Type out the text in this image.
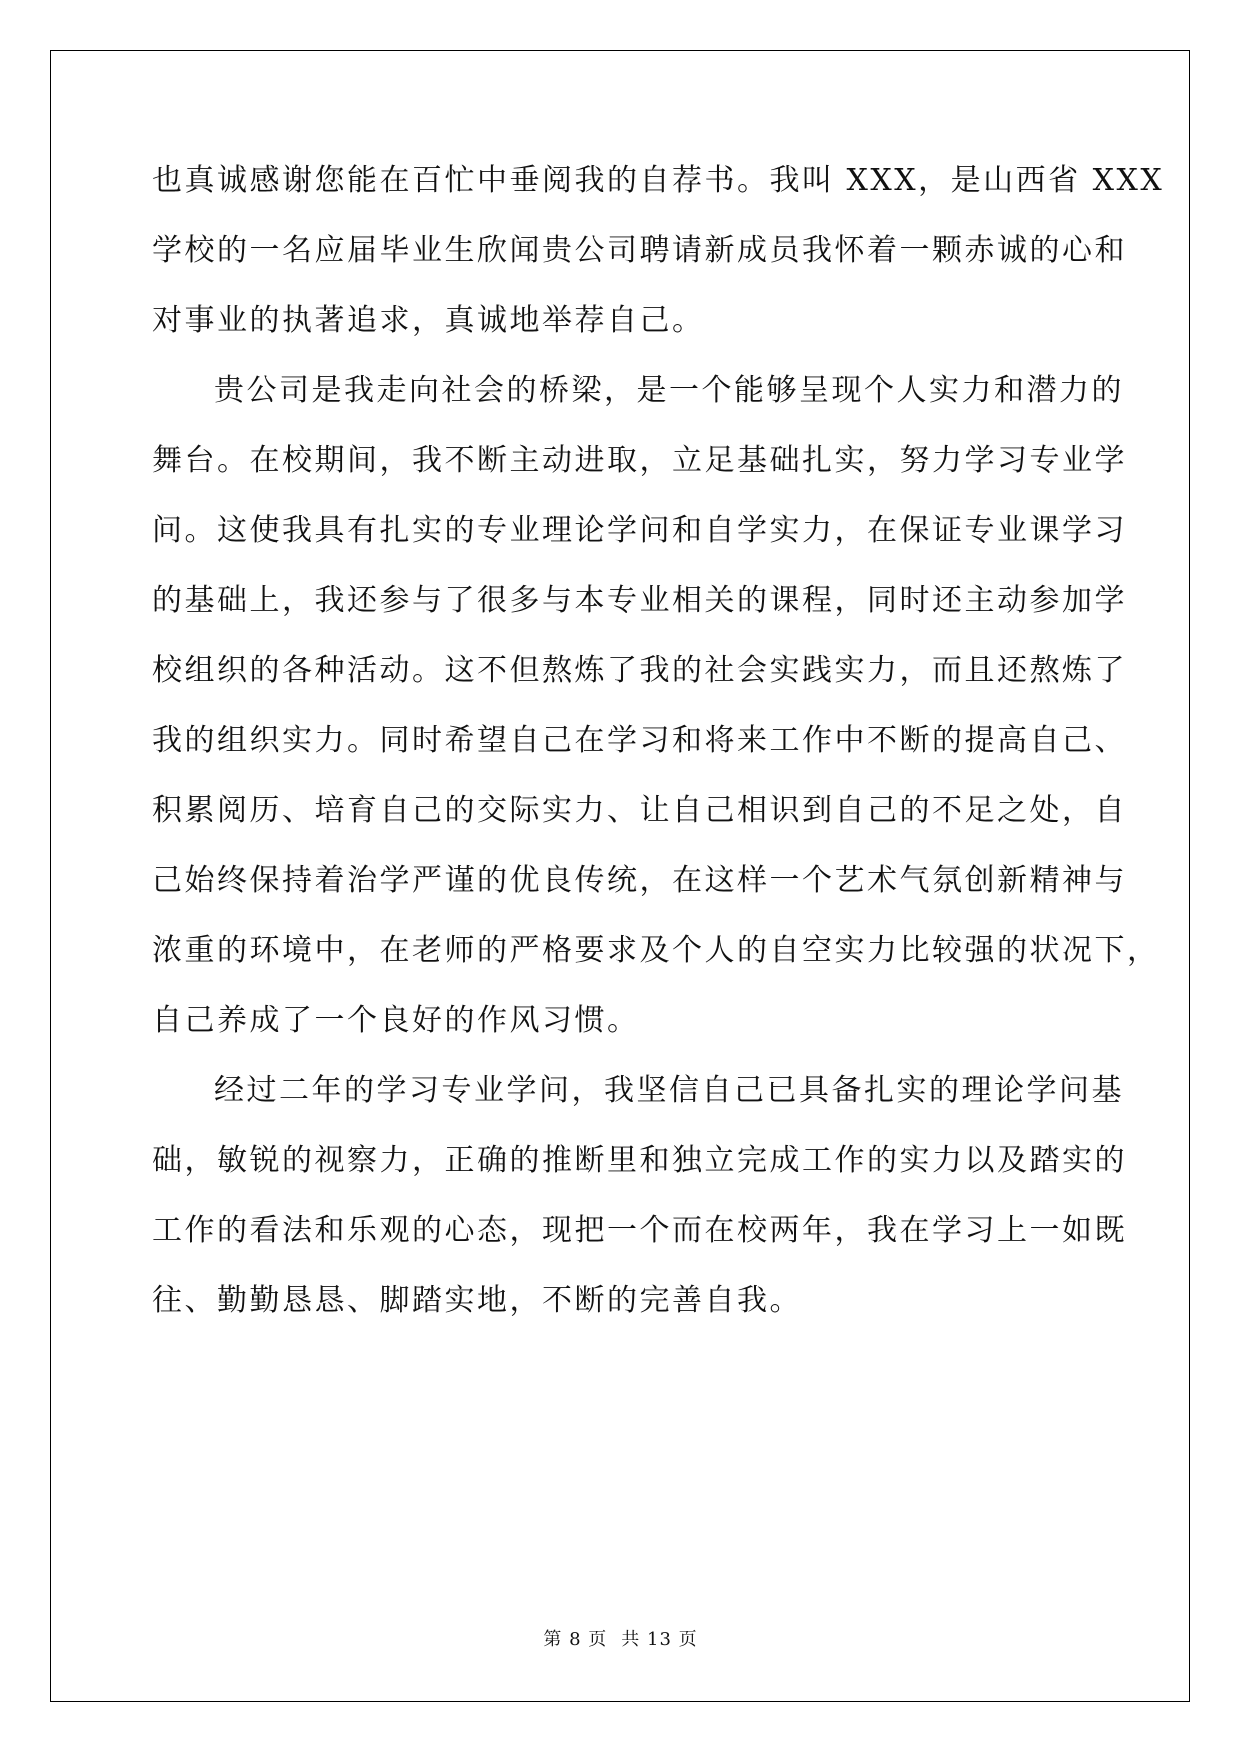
也真诚感谢您能在百忙中垂阅我的自荐书。我叫 XXX，是山西省 XXX
学校的一名应届毕业生欣闻贵公司聘请新成员我怀着一颗赤诚的心和
对事业的执著追求，真诚地举荐自己。
贵公司是我走向社会的桥梁，是一个能够呈现个人实力和潜力的
舞台。在校期间，我不断主动进取，立足基础扎实，努力学习专业学
问。这使我具有扎实的专业理论学问和自学实力，在保证专业课学习
的基础上，我还参与了很多与本专业相关的课程，同时还主动参加学
校组织的各种活动。这不但熬炼了我的社会实践实力，而且还熬炼了
我的组织实力。同时希望自己在学习和将来工作中不断的提高自己、
积累阅历、培育自己的交际实力、让自己相识到自己的不足之处，自
己始终保持着治学严谨的优良传统，在这样一个艺术气氛创新精神与
浓重的环境中，在老师的严格要求及个人的自空实力比较强的状况下，
自己养成了一个良好的作风习惯。
经过二年的学习专业学问，我坚信自己已具备扎实的理论学问基
础，敏锐的视察力，正确的推断里和独立完成工作的实力以及踏实的
工作的看法和乐观的心态，现把一个而在校两年，我在学习上一如既
往、勤勤恳恳、脚踏实地，不断的完善自我。
第 8 页 共 13 页
